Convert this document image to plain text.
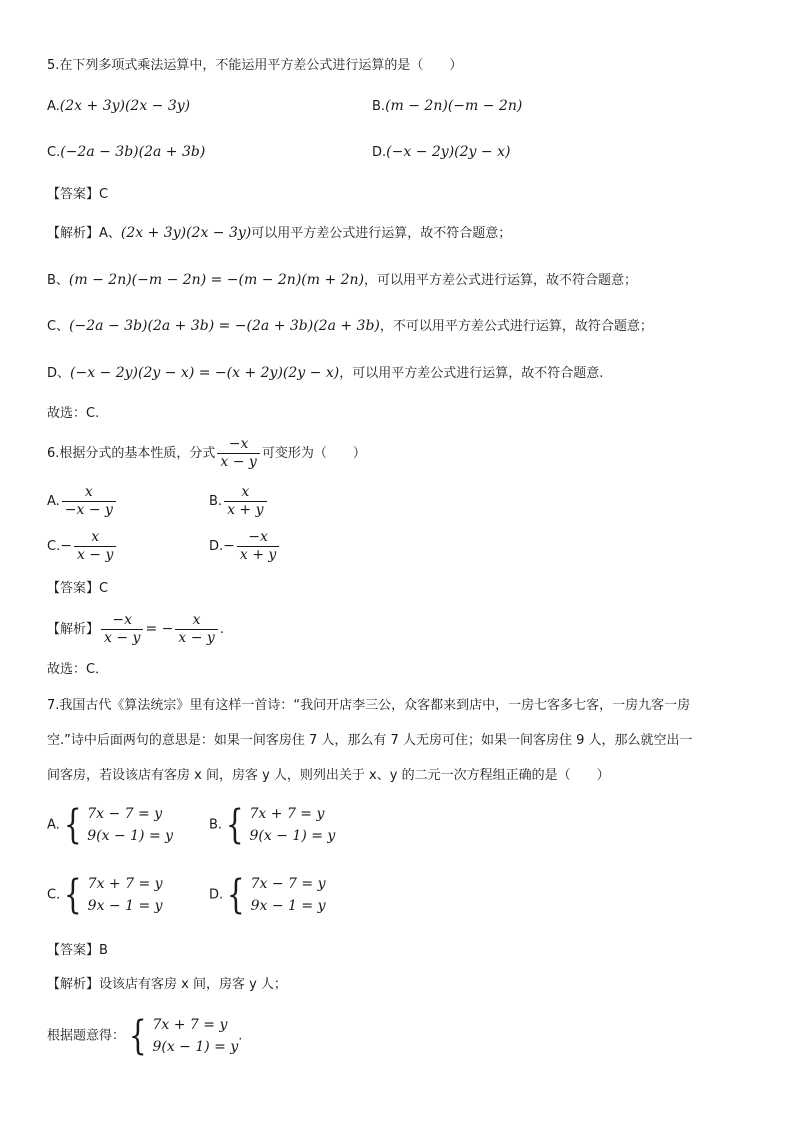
5.在下列多项式乘法运算中，不能运用平方差公式进行运算的是（　　）
A.(2x + 3y)(2x − 3y)	B.(m − 2n)(−m − 2n)
C.(−2a − 3b)(2a + 3b)	D.(−x − 2y)(2y − x)
【答案】C
【解析】A、(2x + 3y)(2x − 3y)可以用平方差公式进行运算，故不符合题意；
B、(m − 2n)(−m − 2n) = −(m − 2n)(m + 2n)，可以用平方差公式进行运算，故不符合题意；
C、(−2a − 3b)(2a + 3b) = −(2a + 3b)(2a + 3b)，不可以用平方差公式进行运算，故符合题意；
D、(−x − 2y)(2y − x) = −(x + 2y)(2y − x)，可以用平方差公式进行运算，故不符合题意.
故选：C.
6.根据分式的基本性质，分式 $\frac{-x}{x - y}$ 可变形为（　　）
A. $\frac{x}{-x - y}$	B. $\frac{x}{x + y}$
$C.- \frac{x}{x - y}$	$D.- \frac{-x}{x + y}$
【答案】C
【解析】 $\frac{-x}{x - y}$ = − $\frac{x}{x - y}$ .
故选：C．
7.我国古代《算法统宗》里有这样一首诗：“我问开店李三公，众客都来到店中，一房七客多七客，一房九客一房
空.”诗中后面两句的意思是：如果一间客房住 7 人，那么有 7 人无房可住；如果一间客房住 9 人，那么就空出一
间客房，若设该店有客房 x 间，房客 y 人，则列出关于 x、y 的二元一次方程组正确的是（　　）
A. { 7x − 7 = y
9(x − 1) = y
B. { 7x + 7 = y
9(x − 1) = y
C. { 7x + 7 = y
9x − 1 = y
D. { 7x − 7 = y
9x − 1 = y
【答案】B
【解析】设该店有客房 x 间，房客 y 人；
根据题意得： { 7x + 7 = y
9(x − 1) = y
.
